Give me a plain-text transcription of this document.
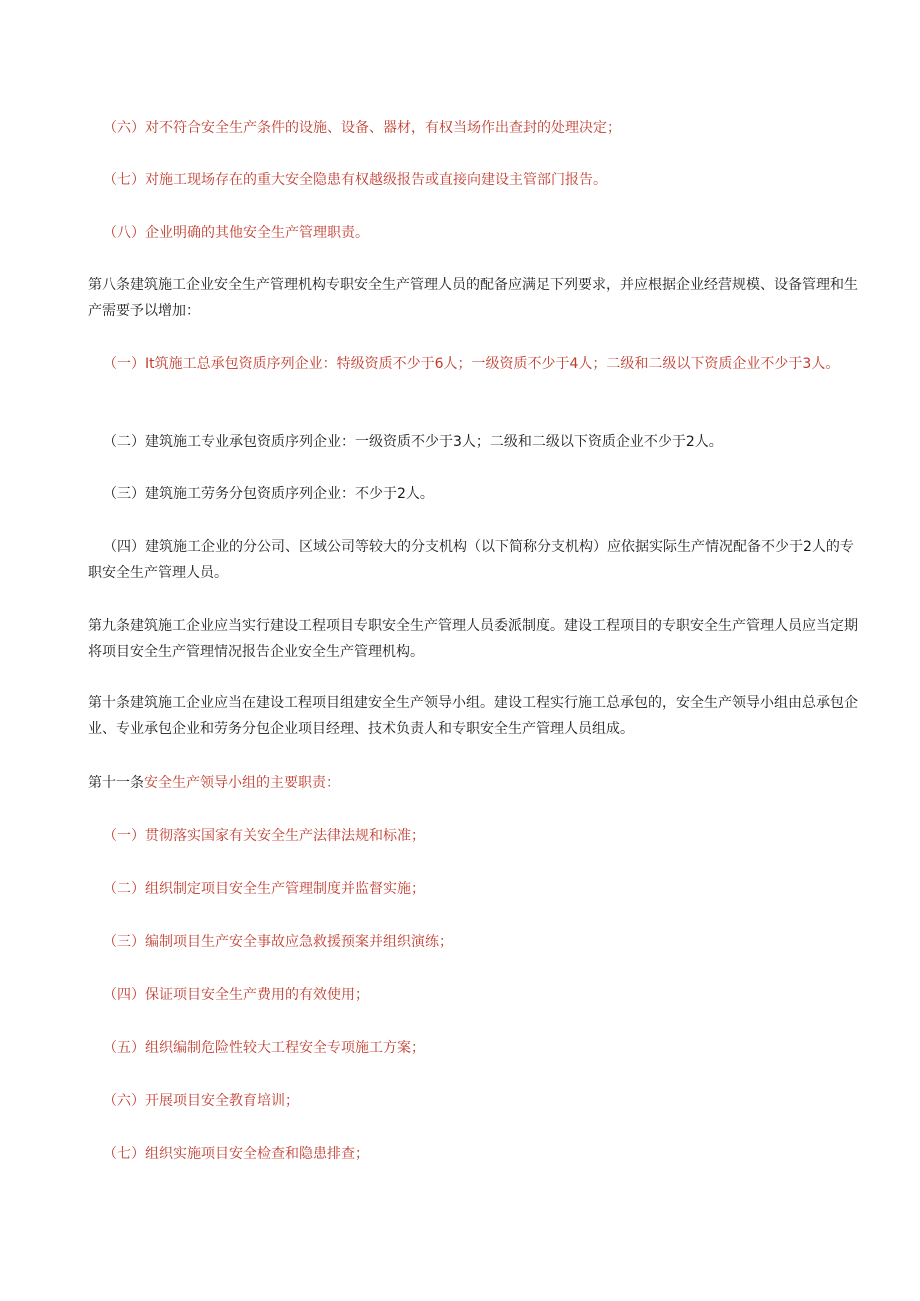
（六）对不符合安全生产条件的设施、设备、器材，有权当场作出查封的处理决定；

（七）对施工现场存在的重大安全隐患有权越级报告或直接向建设主管部门报告。

（八）企业明确的其他安全生产管理职责。

第八条建筑施工企业安全生产管理机构专职安全生产管理人员的配备应满足下列要求，并应根据企业经营规模、设备管理和生产需要予以增加：

（一）It筑施工总承包资质序列企业：特级资质不少于6人；一级资质不少于4人；二级和二级以下资质企业不少于3人。

（二）建筑施工专业承包资质序列企业：一级资质不少于3人；二级和二级以下资质企业不少于2人。

（三）建筑施工劳务分包资质序列企业：不少于2人。

（四）建筑施工企业的分公司、区域公司等较大的分支机构（以下简称分支机构）应依据实际生产情况配备不少于2人的专职安全生产管理人员。

第九条建筑施工企业应当实行建设工程项目专职安全生产管理人员委派制度。建设工程项目的专职安全生产管理人员应当定期将项目安全生产管理情况报告企业安全生产管理机构。

第十条建筑施工企业应当在建设工程项目组建安全生产领导小组。建设工程实行施工总承包的，安全生产领导小组由总承包企业、专业承包企业和劳务分包企业项目经理、技术负责人和专职安全生产管理人员组成。

第十一条安全生产领导小组的主要职责：

（一）贯彻落实国家有关安全生产法律法规和标准；

（二）组织制定项目安全生产管理制度并监督实施；

（三）编制项目生产安全事故应急救援预案并组织演练；

（四）保证项目安全生产费用的有效使用；

（五）组织编制危险性较大工程安全专项施工方案；

（六）开展项目安全教育培训；

（七）组织实施项目安全检查和隐患排查；
